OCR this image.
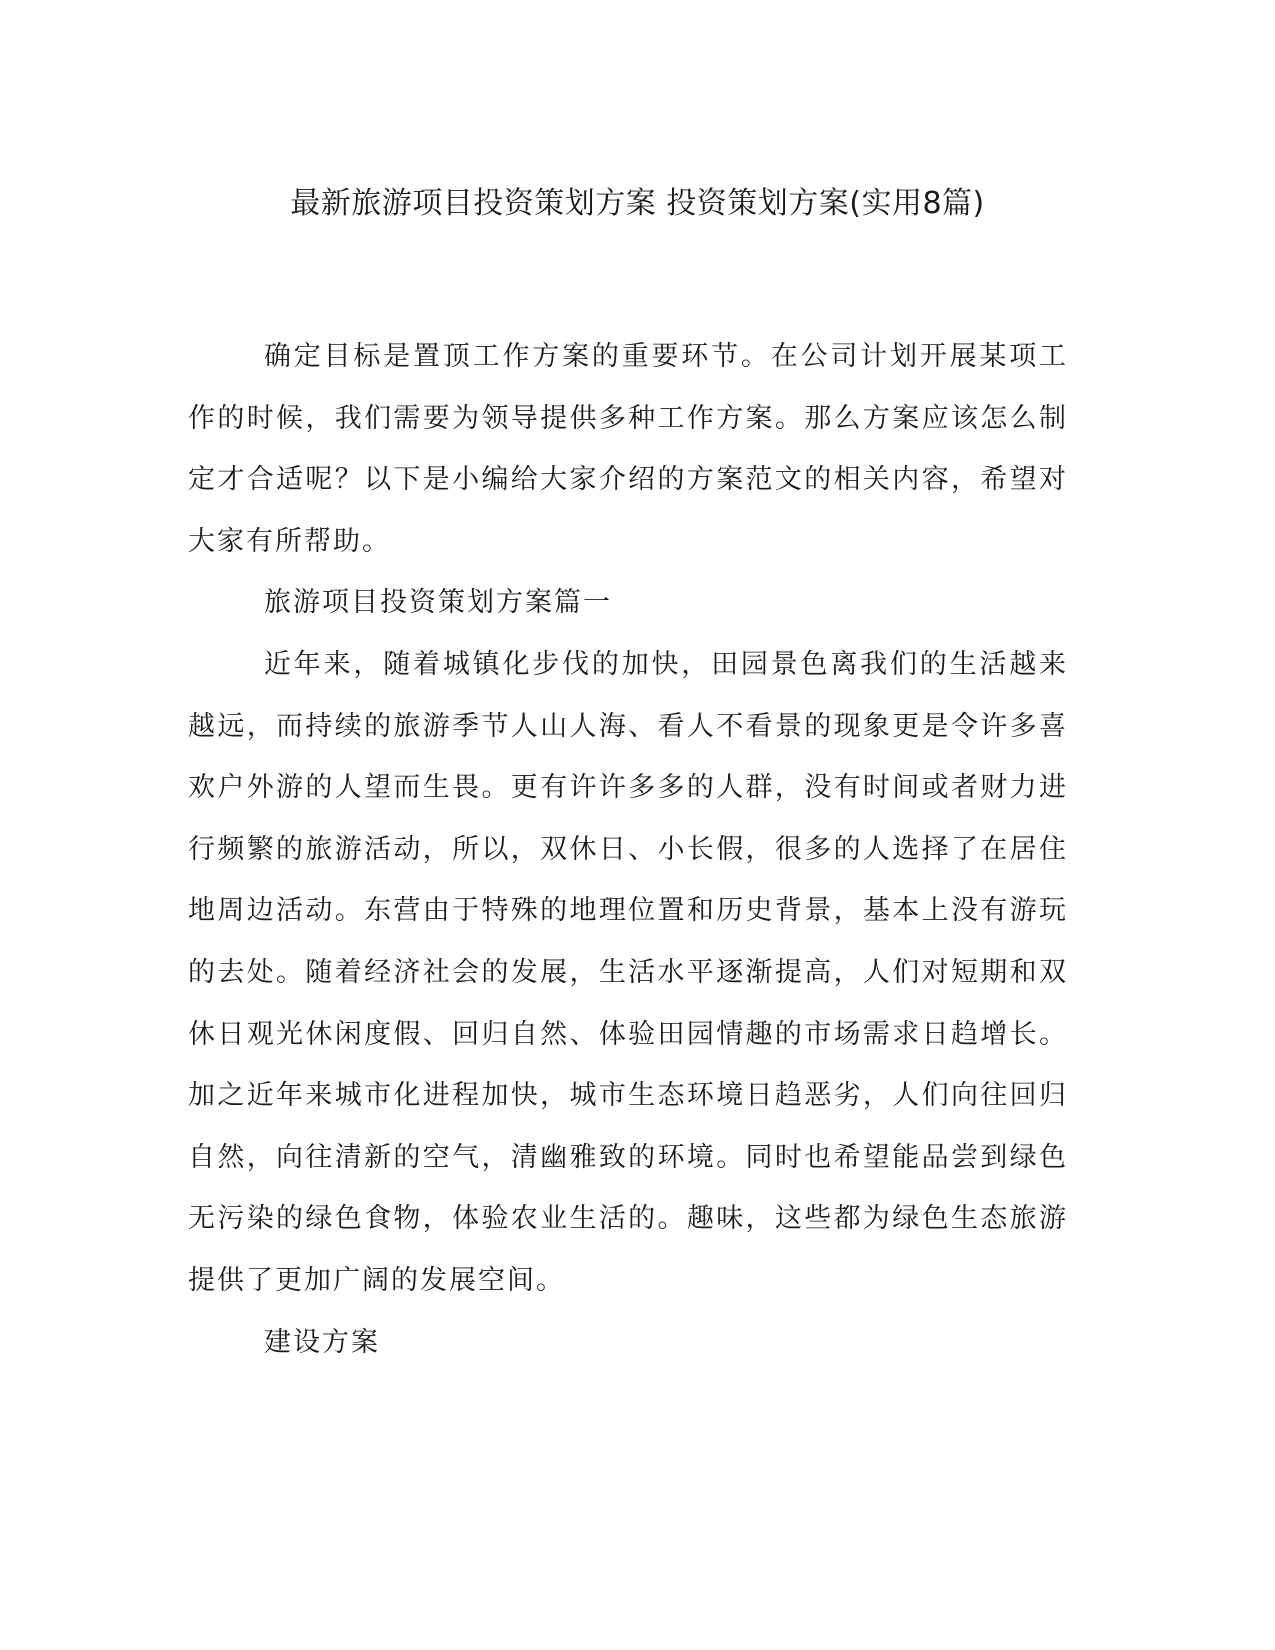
最新旅游项目投资策划方案 投资策划方案(实用8篇)

确定目标是置顶工作方案的重要环节。在公司计划开展某项工作的时候，我们需要为领导提供多种工作方案。那么方案应该怎么制定才合适呢？以下是小编给大家介绍的方案范文的相关内容，希望对大家有所帮助。

旅游项目投资策划方案篇一

近年来，随着城镇化步伐的加快，田园景色离我们的生活越来越远，而持续的旅游季节人山人海、看人不看景的现象更是令许多喜欢户外游的人望而生畏。更有许许多多的人群，没有时间或者财力进行频繁的旅游活动，所以，双休日、小长假，很多的人选择了在居住地周边活动。东营由于特殊的地理位置和历史背景，基本上没有游玩的去处。随着经济社会的发展，生活水平逐渐提高，人们对短期和双休日观光休闲度假、回归自然、体验田园情趣的市场需求日趋增长。加之近年来城市化进程加快，城市生态环境日趋恶劣，人们向往回归自然，向往清新的空气，清幽雅致的环境。同时也希望能品尝到绿色无污染的绿色食物，体验农业生活的。趣味，这些都为绿色生态旅游提供了更加广阔的发展空间。

建设方案
